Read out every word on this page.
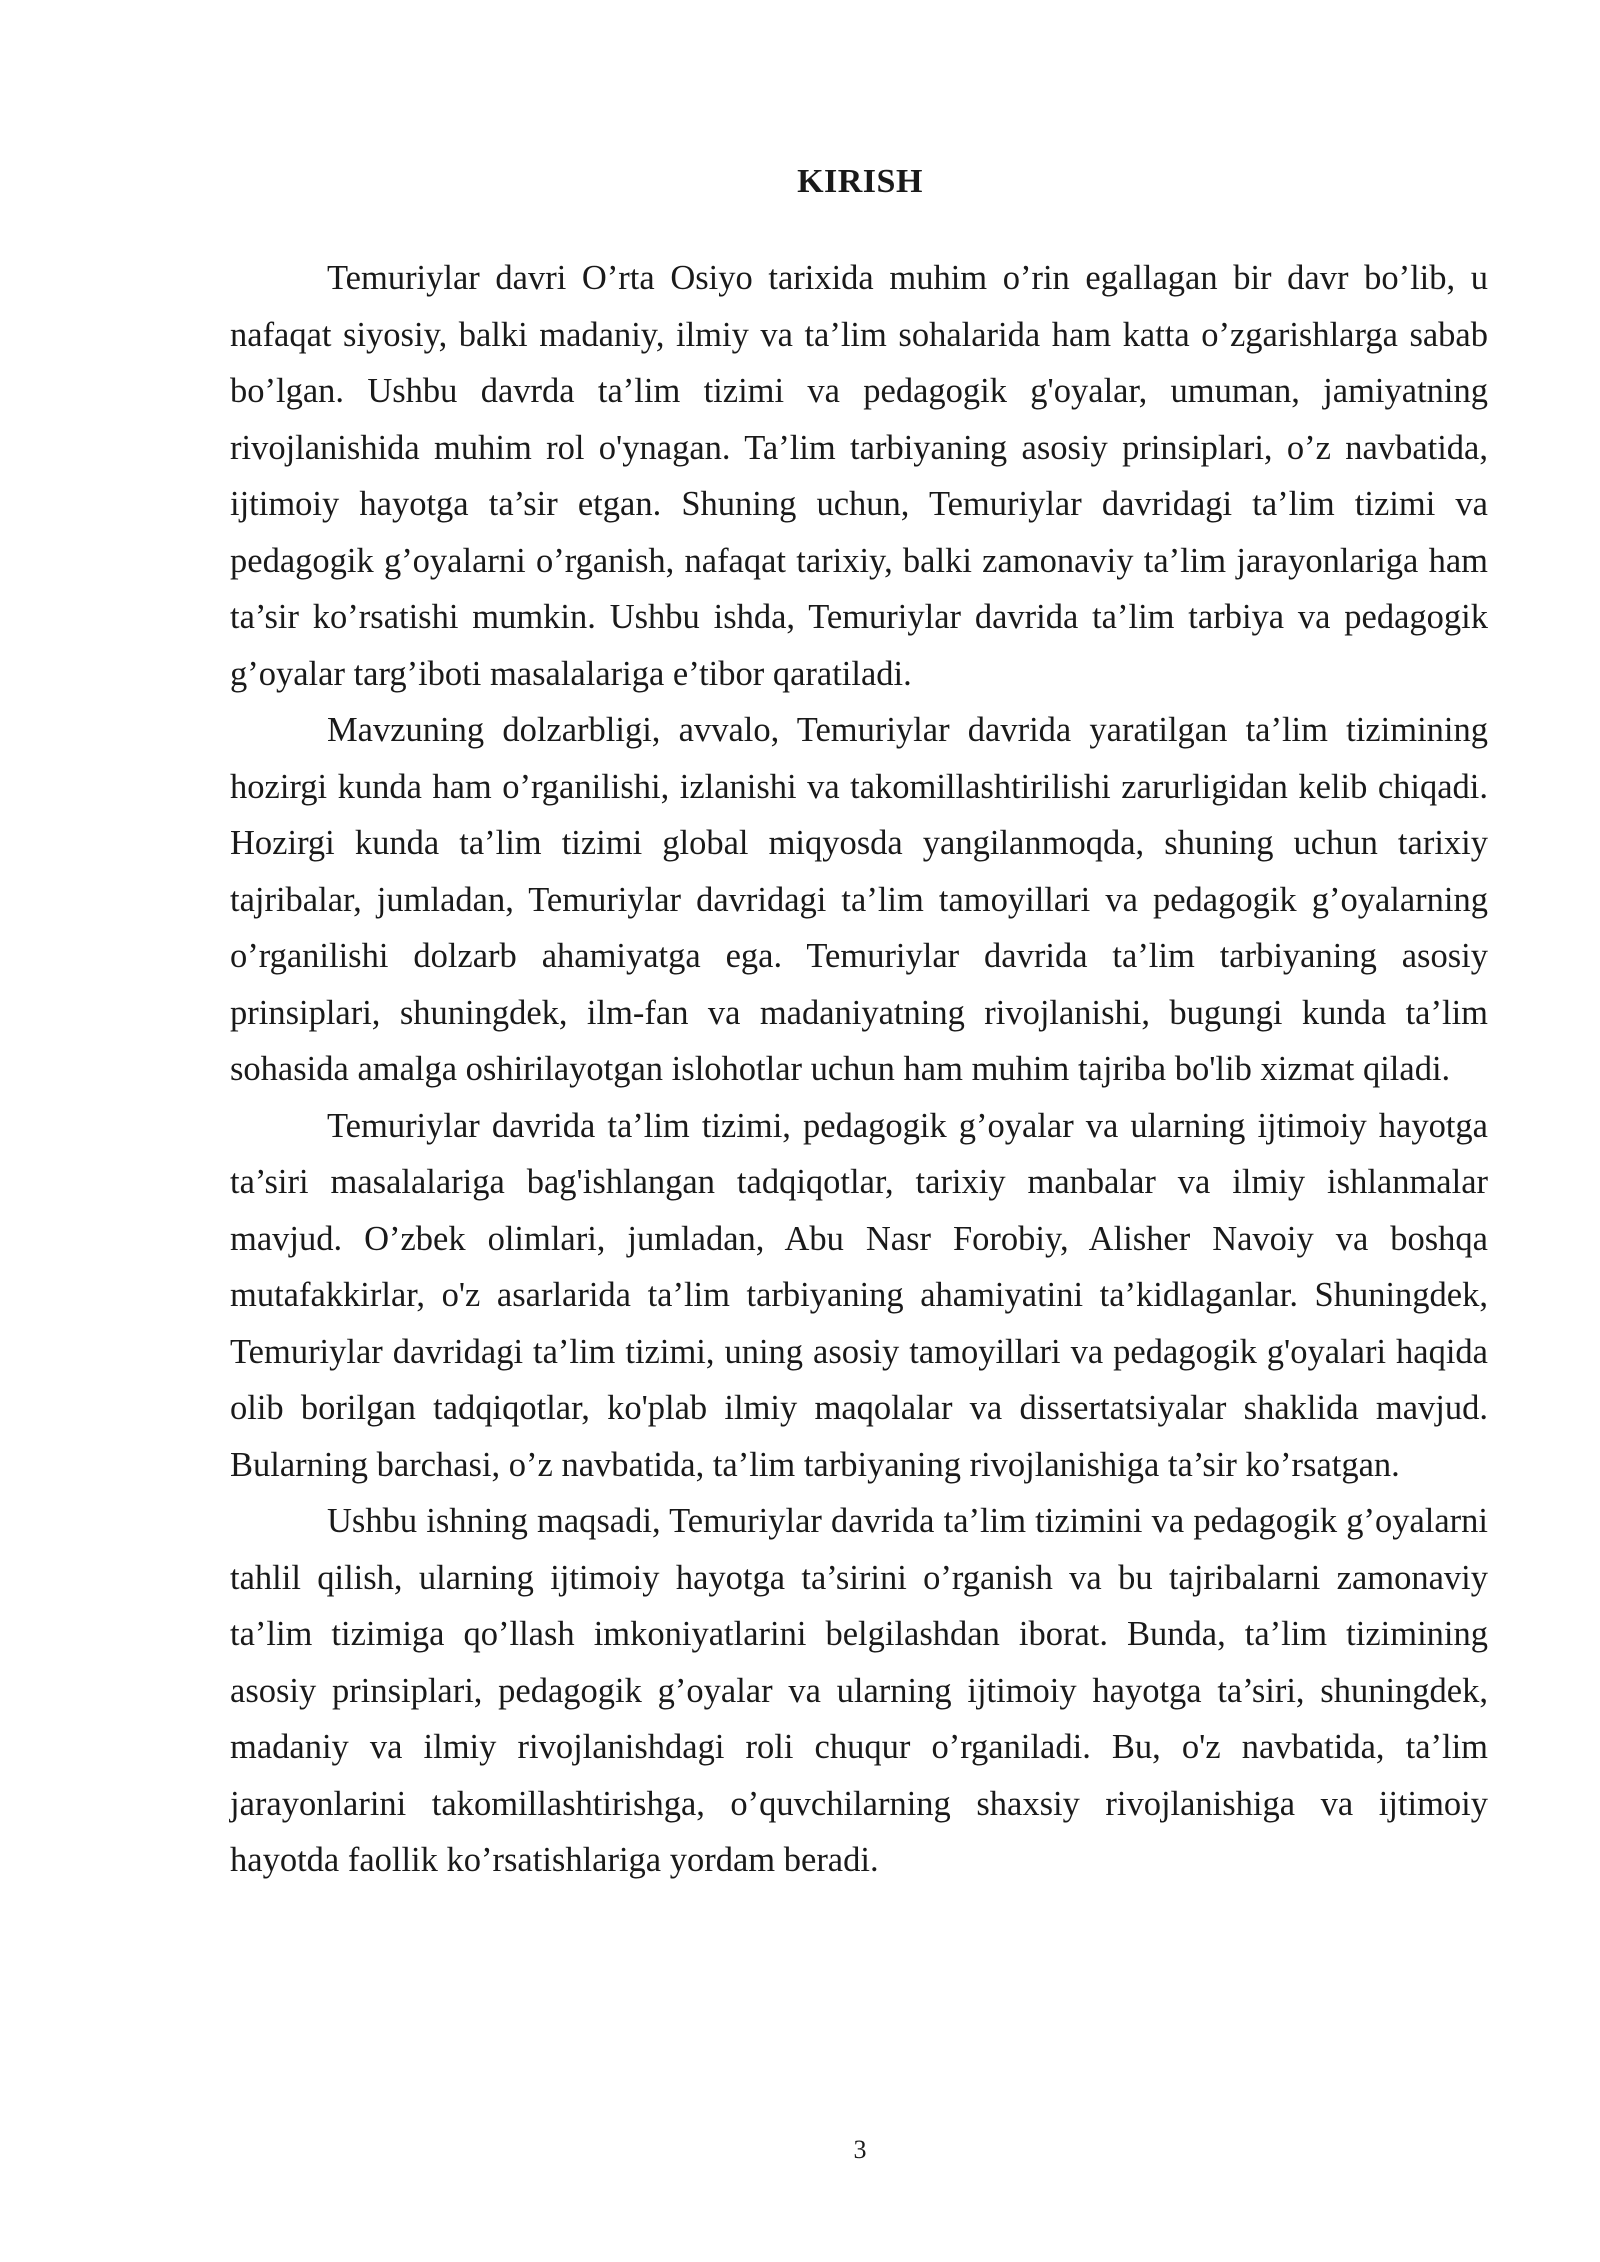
KIRISH

Temuriylar davri O’rta Osiyo tarixida muhim o’rin egallagan bir davr bo’lib, u nafaqat siyosiy, balki madaniy, ilmiy va ta’lim sohalarida ham katta o’zgarishlarga sabab bo’lgan. Ushbu davrda ta’lim tizimi va pedagogik g'oyalar, umuman, jamiyatning rivojlanishida muhim rol o'ynagan. Ta’lim tarbiyaning asosiy prinsiplari, o’z navbatida, ijtimoiy hayotga ta’sir etgan. Shuning uchun, Temuriylar davridagi ta’lim tizimi va pedagogik g’oyalarni o’rganish, nafaqat tarixiy, balki zamonaviy ta’lim jarayonlariga ham ta’sir ko’rsatishi mumkin. Ushbu ishda, Temuriylar davrida ta’lim tarbiya va pedagogik g’oyalar targ’iboti masalalariga e’tibor qaratiladi.

Mavzuning dolzarbligi, avvalo, Temuriylar davrida yaratilgan ta’lim tizimining hozirgi kunda ham o’rganilishi, izlanishi va takomillashtirilishi zarurligidan kelib chiqadi. Hozirgi kunda ta’lim tizimi global miqyosda yangilanmoqda, shuning uchun tarixiy tajribalar, jumladan, Temuriylar davridagi ta’lim tamoyillari va pedagogik g’oyalarning o’rganilishi dolzarb ahamiyatga ega. Temuriylar davrida ta’lim tarbiyaning asosiy prinsiplari, shuningdek, ilm-fan va madaniyatning rivojlanishi, bugungi kunda ta’lim sohasida amalga oshirilayotgan islohotlar uchun ham muhim tajriba bo'lib xizmat qiladi.

Temuriylar davrida ta’lim tizimi, pedagogik g’oyalar va ularning ijtimoiy hayotga ta’siri masalalariga bag'ishlangan tadqiqotlar, tarixiy manbalar va ilmiy ishlanmalar mavjud. O’zbek olimlari, jumladan, Abu Nasr Forobiy, Alisher Navoiy va boshqa mutafakkirlar, o'z asarlarida ta’lim tarbiyaning ahamiyatini ta’kidlaganlar. Shuningdek, Temuriylar davridagi ta’lim tizimi, uning asosiy tamoyillari va pedagogik g'oyalari haqida olib borilgan tadqiqotlar, ko'plab ilmiy maqolalar va dissertatsiyalar shaklida mavjud. Bularning barchasi, o’z navbatida, ta’lim tarbiyaning rivojlanishiga ta’sir ko’rsatgan.

Ushbu ishning maqsadi, Temuriylar davrida ta’lim tizimini va pedagogik g’oyalarni tahlil qilish, ularning ijtimoiy hayotga ta’sirini o’rganish va bu tajribalarni zamonaviy ta’lim tizimiga qo’llash imkoniyatlarini belgilashdan iborat. Bunda, ta’lim tizimining asosiy prinsiplari, pedagogik g’oyalar va ularning ijtimoiy hayotga ta’siri, shuningdek, madaniy va ilmiy rivojlanishdagi roli chuqur o’rganiladi. Bu, o'z navbatida, ta’lim jarayonlarini takomillashtirishga, o’quvchilarning shaxsiy rivojlanishiga va ijtimoiy hayotda faollik ko’rsatishlariga yordam beradi.

3
